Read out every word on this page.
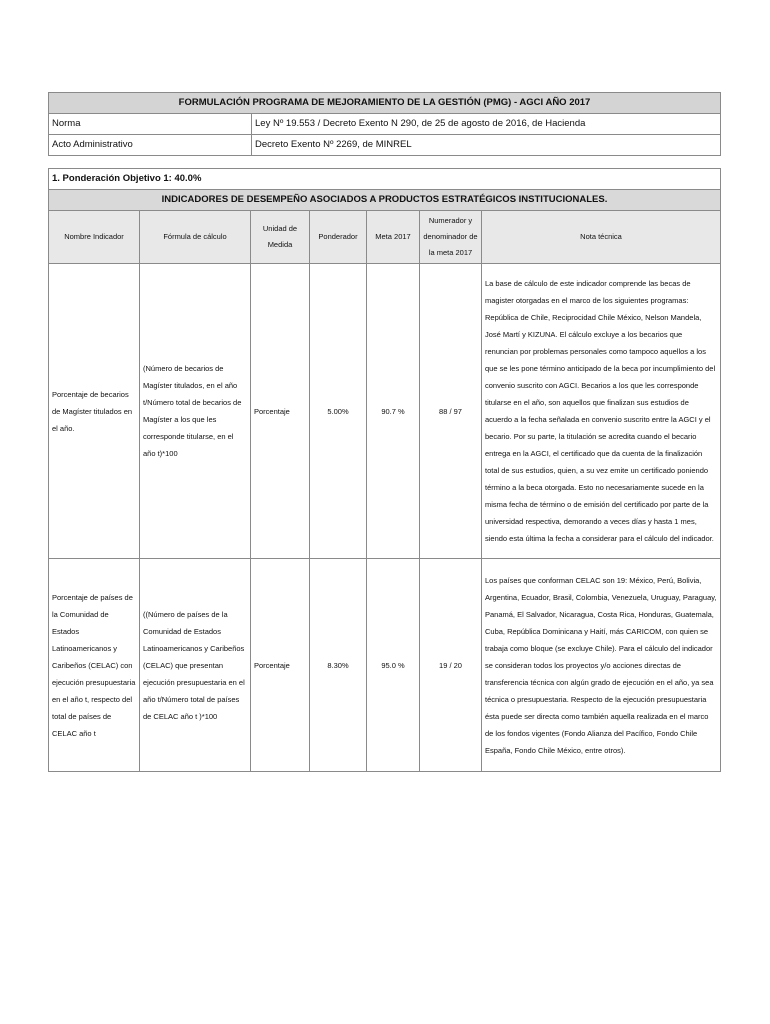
FORMULACIÓN PROGRAMA DE MEJORAMIENTO DE LA GESTIÓN (PMG) - AGCI AÑO 2017	
Norma	Ley Nº 19.553 / Decreto Exento N 290, de 25 de agosto de 2016, de Hacienda
Acto Administrativo	Decreto Exento Nº 2269, de MINREL
1. Ponderación Objetivo 1: 40.0%						
INDICADORES DE DESEMPEÑO ASOCIADOS A PRODUCTOS ESTRATÉGICOS INSTITUCIONALES.						
Nombre Indicador	Fórmula de cálculo	Unidad de Medida	Ponderador	Meta 2017	Numerador y denominador de la meta 2017	Nota técnica
Porcentaje de becarios de Magíster titulados en el año.	(Número de becarios de Magíster titulados, en el año t/Número total de becarios de Magíster a los que les corresponde titularse, en el año t)*100	Porcentaje	5.00%	90.7 %	88 / 97	La base de cálculo de este indicador comprende las becas de magister otorgadas en el marco de los siguientes programas: República de Chile, Reciprocidad Chile México, Nelson Mandela, José Martí y KIZUNA. El cálculo excluye a los becarios que renuncian por problemas personales como tampoco aquellos a los que se les pone término anticipado de la beca por incumplimiento del convenio suscrito con AGCI. Becarios a los que les corresponde titularse en el año, son aquellos que finalizan sus estudios de acuerdo a la fecha señalada en convenio suscrito entre la AGCI y el becario. Por su parte, la titulación se acredita cuando el becario entrega en la AGCI, el certificado que da cuenta de la finalización total de sus estudios, quien, a su vez emite un certificado poniendo término a la beca otorgada. Esto no necesariamente sucede en la misma fecha de término o de emisión del certificado por parte de la universidad respectiva, demorando a veces días y hasta 1 mes, siendo esta última la fecha a considerar para el cálculo del indicador.
Porcentaje de países de la Comunidad de Estados Latinoamericanos y Caribeños (CELAC) con ejecución presupuestaria en el año t, respecto del total de países de CELAC año t	((Número de países de la Comunidad de Estados Latinoamericanos y Caribeños (CELAC) que presentan ejecución presupuestaria en el año t/Número total de países de CELAC año t )*100	Porcentaje	8.30%	95.0 %	19 / 20	Los países que conforman CELAC son 19: México, Perú, Bolivia, Argentina, Ecuador, Brasil, Colombia, Venezuela, Uruguay, Paraguay, Panamá, El Salvador, Nicaragua, Costa Rica, Honduras, Guatemala, Cuba, República Dominicana y Haití, más CARICOM, con quien se trabaja como bloque (se excluye Chile). Para el cálculo del indicador se consideran todos los proyectos y/o acciones directas de transferencia técnica con algún grado de ejecución en el año, ya sea técnica o presupuestaria. Respecto de la ejecución presupuestaria ésta puede ser directa como también aquella realizada en el marco de los fondos vigentes (Fondo Alianza del Pacífico, Fondo Chile España, Fondo Chile México, entre otros).
